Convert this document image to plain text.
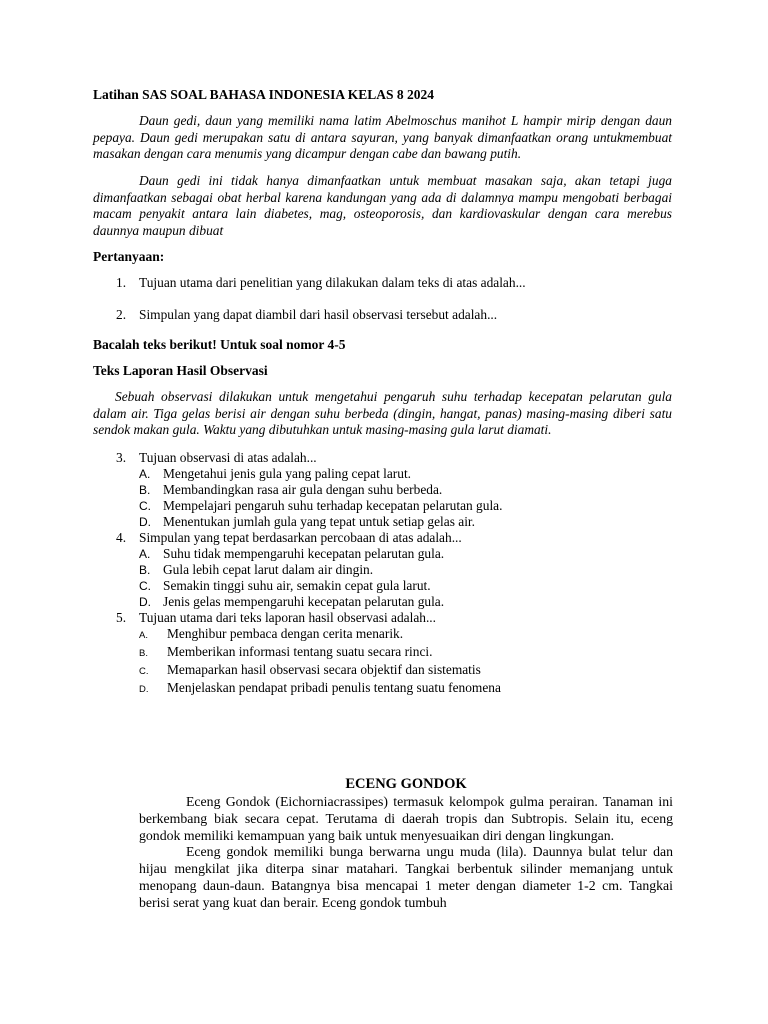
Latihan SAS SOAL BAHASA INDONESIA KELAS 8 2024

Daun gedi, daun yang memiliki nama latim Abelmoschus manihot L hampir mirip dengan daun pepaya. Daun gedi merupakan satu di antara sayuran, yang banyak dimanfaatkan orang untukmembuat masakan dengan cara menumis yang dicampur dengan cabe dan bawang putih.

Daun gedi ini tidak hanya dimanfaatkan untuk membuat masakan saja, akan tetapi juga dimanfaatkan sebagai obat herbal karena kandungan yang ada di dalamnya mampu mengobati berbagai macam penyakit antara lain diabetes, mag, osteoporosis, dan kardiovaskular dengan cara merebus daunnya maupun dibuat

Pertanyaan:

1. Tujuan utama dari penelitian yang dilakukan dalam teks di atas adalah...

2. Simpulan yang dapat diambil dari hasil observasi tersebut adalah...

Bacalah teks berikut! Untuk soal nomor 4-5
Teks Laporan Hasil Observasi

Sebuah observasi dilakukan untuk mengetahui pengaruh suhu terhadap kecepatan pelarutan gula dalam air. Tiga gelas berisi air dengan suhu berbeda (dingin, hangat, panas) masing-masing diberi satu sendok makan gula. Waktu yang dibutuhkan untuk masing-masing gula larut diamati.

3. Tujuan observasi di atas adalah...
A. Mengetahui jenis gula yang paling cepat larut.
B. Membandingkan rasa air gula dengan suhu berbeda.
C. Mempelajari pengaruh suhu terhadap kecepatan pelarutan gula.
D. Menentukan jumlah gula yang tepat untuk setiap gelas air.
4. Simpulan yang tepat berdasarkan percobaan di atas adalah...
A. Suhu tidak mempengaruhi kecepatan pelarutan gula.
B. Gula lebih cepat larut dalam air dingin.
C. Semakin tinggi suhu air, semakin cepat gula larut.
D. Jenis gelas mempengaruhi kecepatan pelarutan gula.
5. Tujuan utama dari teks laporan hasil observasi adalah...
A. Menghibur pembaca dengan cerita menarik.
B. Memberikan informasi tentang suatu secara rinci.
C. Memaparkan hasil observasi secara objektif dan sistematis
D. Menjelaskan pendapat pribadi penulis tentang suatu fenomena
ECENG GONDOK

Eceng Gondok (Eichorniacrassipes) termasuk kelompok gulma perairan. Tanaman ini berkembang biak secara cepat. Terutama di daerah tropis dan Subtropis. Selain itu, eceng gondok memiliki kemampuan yang baik untuk menyesuaikan diri dengan lingkungan.

Eceng gondok memiliki bunga berwarna ungu muda (lila). Daunnya bulat telur dan hijau mengkilat jika diterpa sinar matahari. Tangkai berbentuk silinder memanjang untuk menopang daun-daun. Batangnya bisa mencapai 1 meter dengan diameter 1-2 cm. Tangkai berisi serat yang kuat dan berair. Eceng gondok tumbuh
